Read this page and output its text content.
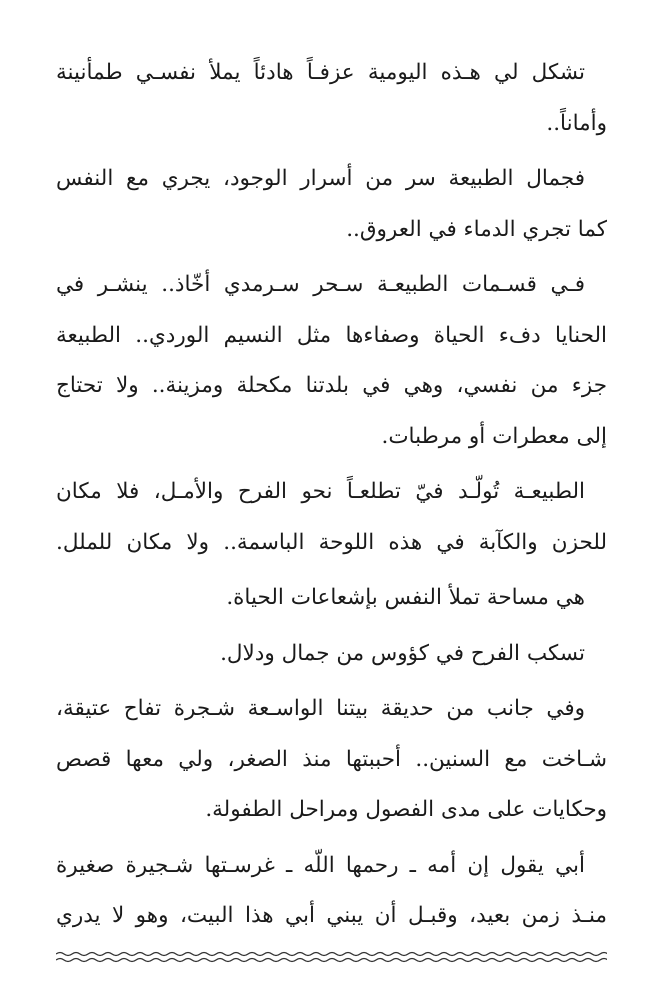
تشكل لي هـذه اليومية عزفـاً هادئاً يملأ نفسـي طمأنينة
وأماناً..
فجمال الطبيعة سر من أسرار الوجود، يجري مع النفس
كما تجري الدماء في العروق..
فـي قسـمات الطبيعـة سـحر سـرمدي أخّاذ.. ينشـر في
الحنايا دفء الحياة وصفاءها مثل النسيم الوردي.. الطبيعة
جزء من نفسي، وهي في بلدتنا مكحلة ومزينة.. ولا تحتاج
إلى معطرات أو مرطبات.
الطبيعـة تُولّـد فيّ تطلعـاً نحو الفرح والأمـل، فلا مكان
للحزن والكآبة في هذه اللوحة الباسمة.. ولا مكان للملل.
هي مساحة تملأ النفس بإشعاعات الحياة.
تسكب الفرح في كؤوس من جمال ودلال.
وفي جانب من حديقة بيتنا الواسـعة شـجرة تفاح عتيقة،
شـاخت مع السنين.. أحببتها منذ الصغر، ولي معها قصص
وحكايات على مدى الفصول ومراحل الطفولة.
أبي يقول إن أمه ـ رحمها اللّه ـ غرسـتها شـجيرة صغيرة
منـذ زمن بعيد، وقبـل أن يبني أبي هذا البيت، وهو لا يدري
